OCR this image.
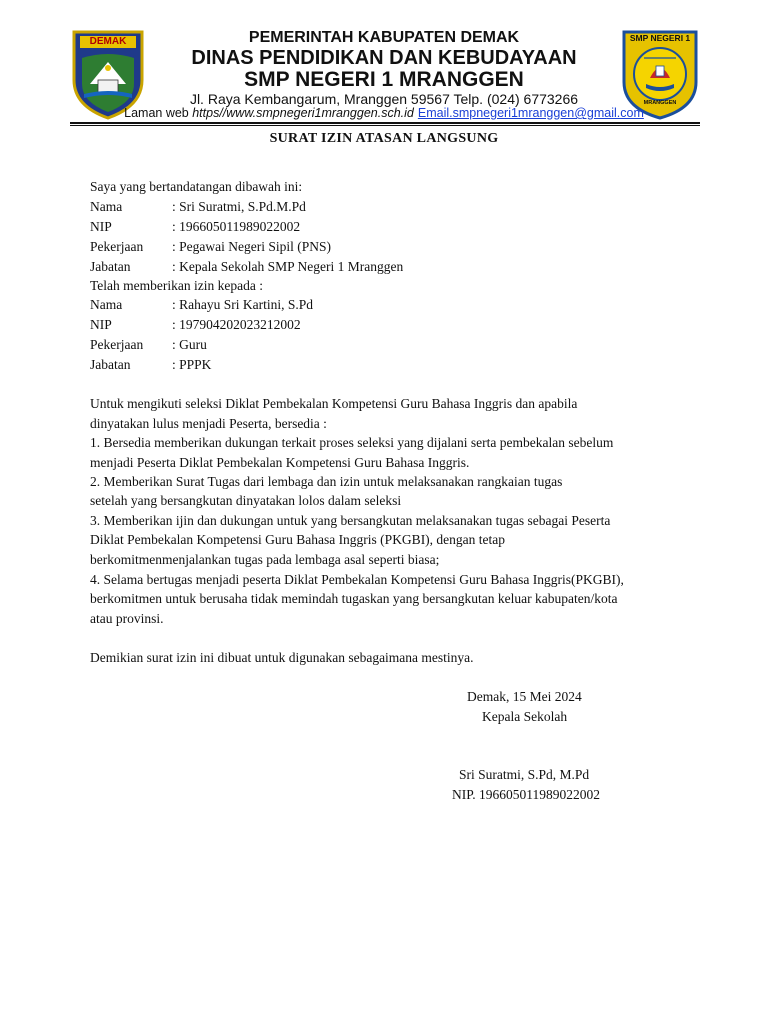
DEMAK	SMP NEGERI 1
MRANGGEN
PEMERINTAH KABUPATEN DEMAK
DINAS PENDIDIKAN DAN KEBUDAYAAN
SMP NEGERI 1 MRANGGEN
Jl. Raya Kembangarum, Mranggen 59567 Telp. (024) 6773266
Laman web https//www.smpnegeri1mranggen.sch.id Email.smpnegeri1mranggen@gmail.com
SURAT IZIN ATASAN LANGSUNG
Saya yang bertandatangan dibawah ini:
Nama	: Sri Suratmi, S.Pd.M.Pd
NIP	: 196605011989022002
Pekerjaan : Pegawai Negeri Sipil (PNS)
Jabatan	: Kepala Sekolah SMP Negeri 1 Mranggen
Telah memberikan izin kepada :
Nama	: Rahayu Sri Kartini, S.Pd
NIP	: 197904202023212002
Pekerjaan : Guru
Jabatan	: PPPK
Untuk mengikuti seleksi Diklat Pembekalan Kompetensi Guru Bahasa Inggris dan apabila
dinyatakan lulus menjadi Peserta, bersedia :
1. Bersedia memberikan dukungan terkait proses seleksi yang dijalani serta pembekalan sebelum
menjadi Peserta Diklat Pembekalan Kompetensi Guru Bahasa Inggris.
2. Memberikan Surat Tugas dari lembaga dan izin untuk melaksanakan rangkaian tugas
setelah yang bersangkutan dinyatakan lolos dalam seleksi
3. Memberikan ijin dan dukungan untuk yang bersangkutan melaksanakan tugas sebagai Peserta
Diklat Pembekalan Kompetensi Guru Bahasa Inggris (PKGBI), dengan tetap
berkomitmenmenjalankan tugas pada lembaga asal seperti biasa;
4. Selama bertugas menjadi peserta Diklat Pembekalan Kompetensi Guru Bahasa Inggris(PKGBI),
berkomitmen untuk berusaha tidak memindah tugaskan yang bersangkutan keluar kabupaten/kota
atau provinsi.
Demikian surat izin ini dibuat untuk digunakan sebagaimana mestinya.
Demak, 15 Mei 2024
Kepala Sekolah
Sri Suratmi, S.Pd, M.Pd
NIP. 196605011989022002
